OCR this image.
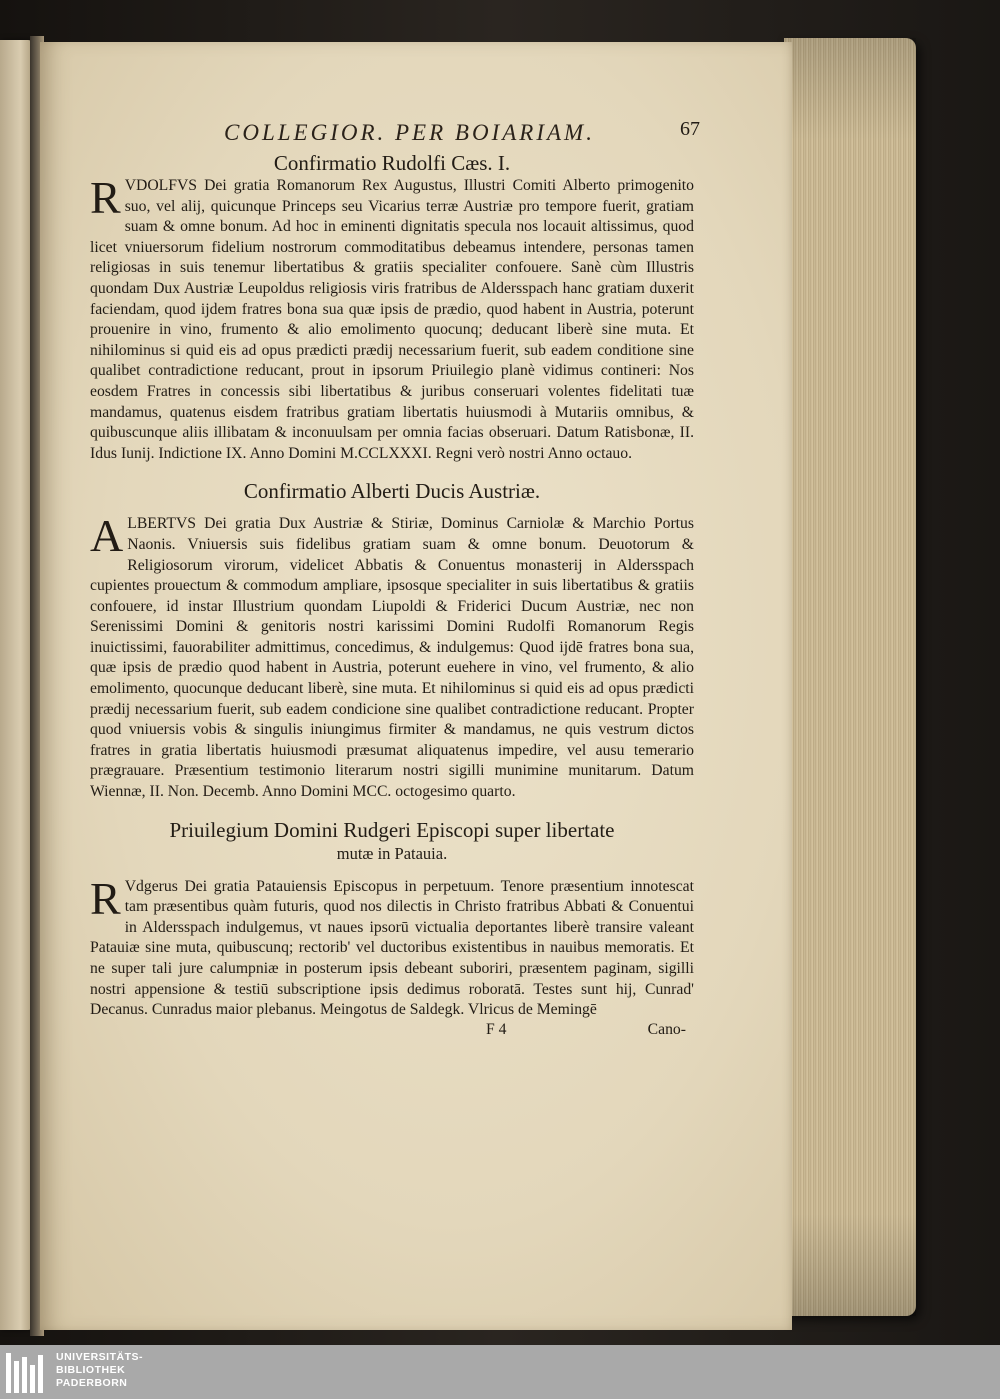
COLLEGIOR. PER BOIARIAM.	67
Confirmatio Rudolfi Cæs. I.

RVDOLFVS Dei gratia Romanorum Rex Augustus, Illustri Comiti Alberto primogenito suo, vel alij, quicunque Princeps seu Vicarius terræ Austriæ pro tempore fuerit, gratiam suam & omne bonum. Ad hoc in eminenti dignitatis specula nos locauit altissimus, quod licet vniuersorum fidelium nostrorum commoditatibus debeamus intendere, personas tamen religiosas in suis tenemur libertatibus & gratiis specialiter confouere. Sanè cùm Illustris quondam Dux Austriæ Leupoldus religiosis viris fratribus de Aldersspach hanc gratiam duxerit faciendam, quod ijdem fratres bona sua quæ ipsis de prædio, quod habent in Austria, poterunt prouenire in vino, frumento & alio emolimento quocunq; deducant liberè sine muta. Et nihilominus si quid eis ad opus prædicti prædij necessarium fuerit, sub eadem conditione sine qualibet contradictione reducant, prout in ipsorum Priuilegio planè vidimus contineri: Nos eosdem Fratres in concessis sibi libertatibus & juribus conseruari volentes fidelitati tuæ mandamus, quatenus eisdem fratribus gratiam libertatis huiusmodi à Mutariis omnibus, & quibuscunque aliis illibatam & inconuulsam per omnia facias obseruari. Datum Ratisbonæ, II. Idus Iunij. Indictione IX. Anno Domini M.CCLXXXI. Regni verò nostri Anno octauo.

Confirmatio Alberti Ducis Austriæ.

ALBERTVS Dei gratia Dux Austriæ & Stiriæ, Dominus Carniolæ & Marchio Portus Naonis. Vniuersis suis fidelibus gratiam suam & omne bonum. Deuotorum & Religiosorum virorum, videlicet Abbatis & Conuentus monasterij in Aldersspach cupientes prouectum & commodum ampliare, ipsosque specialiter in suis libertatibus & gratiis confouere, id instar Illustrium quondam Liupoldi & Friderici Ducum Austriæ, nec non Serenissimi Domini & genitoris nostri karissimi Domini Rudolfi Romanorum Regis inuictissimi, fauorabiliter admittimus, concedimus, & indulgemus: Quod ijdē fratres bona sua, quæ ipsis de prædio quod habent in Austria, poterunt euehere in vino, vel frumento, & alio emolimento, quocunque deducant liberè, sine muta. Et nihilominus si quid eis ad opus prædicti prædij necessarium fuerit, sub eadem condicione sine qualibet contradictione reducant. Propter quod vniuersis vobis & singulis iniungimus firmiter & mandamus, ne quis vestrum dictos fratres in gratia libertatis huiusmodi præsumat aliquatenus impedire, vel ausu temerario prægrauare. Præsentium testimonio literarum nostri sigilli munimine munitarum. Datum Wiennæ, II. Non. Decemb. Anno Domini MCC. octogesimo quarto.

Priuilegium Domini Rudgeri Episcopi super libertate
mutæ in Patauia.

R Vdgerus Dei gratia Patauiensis Episcopus in perpetuum. Tenore præsentium innotescat tam præsentibus quàm futuris, quod nos dilectis in Christo fratribus Abbati & Conuentui in Aldersspach indulgemus, vt naues ipsorū victualia deportantes liberè transire valeant Patauiæ sine muta, quibuscunq; rectorib' vel ductoribus existentibus in nauibus memoratis. Et ne super tali jure calumpniæ in posterum ipsis debeant suboriri, præsentem paginam, sigilli nostri appensione & testiū subscriptione ipsis dedimus roboratā. Testes sunt hij, Cunrad' Decanus. Cunradus maior plebanus. Meingotus de Saldegk. Vlricus de Memingē

F 4	Cano-
UNIVERSITÄTS-
BIBLIOTHEK
PADERBORN
